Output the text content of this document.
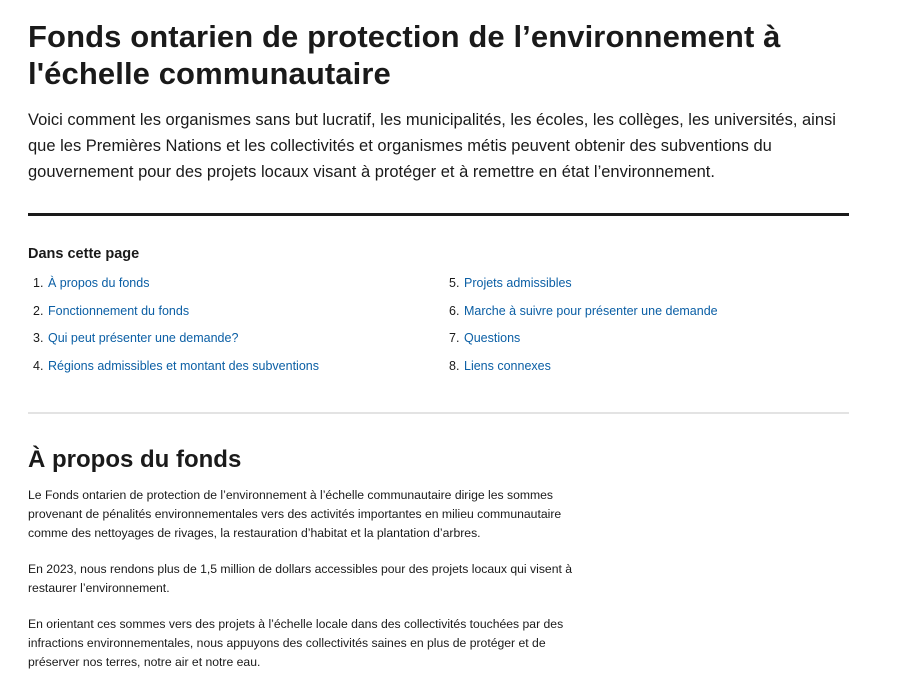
Fonds ontarien de protection de l’environnement à l'échelle communautaire

Voici comment les organismes sans but lucratif, les municipalités, les écoles, les collèges, les universités, ainsi que les Premières Nations et les collectivités et organismes métis peuvent obtenir des subventions du gouvernement pour des projets locaux visant à protéger et à remettre en état l’environnement.

Dans cette page
1. À propos du fonds
2. Fonctionnement du fonds
3. Qui peut présenter une demande?
4. Régions admissibles et montant des subventions
5. Projets admissibles
6. Marche à suivre pour présenter une demande
7. Questions
8. Liens connexes
À propos du fonds

Le Fonds ontarien de protection de l’environnement à l’échelle communautaire dirige les sommes provenant de pénalités environnementales vers des activités importantes en milieu communautaire comme des nettoyages de rivages, la restauration d’habitat et la plantation d’arbres.

En 2023, nous rendons plus de 1,5 million de dollars accessibles pour des projets locaux qui visent à restaurer l’environnement.

En orientant ces sommes vers des projets à l’échelle locale dans des collectivités touchées par des infractions environnementales, nous appuyons des collectivités saines en plus de protéger et de préserver nos terres, notre air et notre eau.
